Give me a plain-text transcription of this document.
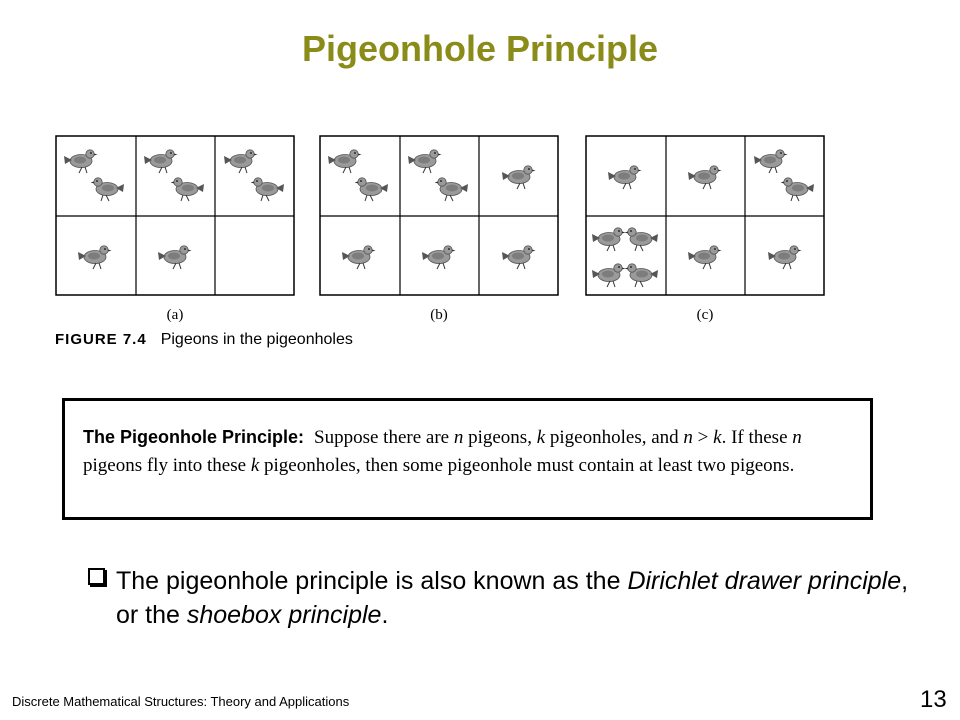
Pigeonhole Principle
(a)	(b)	(c)
FIGURE 7.4 Pigeons in the pigeonholes
The Pigeonhole Principle: Suppose there are n pigeons, k pigeonholes, and n > k. If these n pigeons fly into these k pigeonholes, then some pigeonhole must contain at least two pigeons.
The pigeonhole principle is also known as the Dirichlet drawer principle, or the shoebox principle.
Discrete Mathematical Structures: Theory and Applications	13
